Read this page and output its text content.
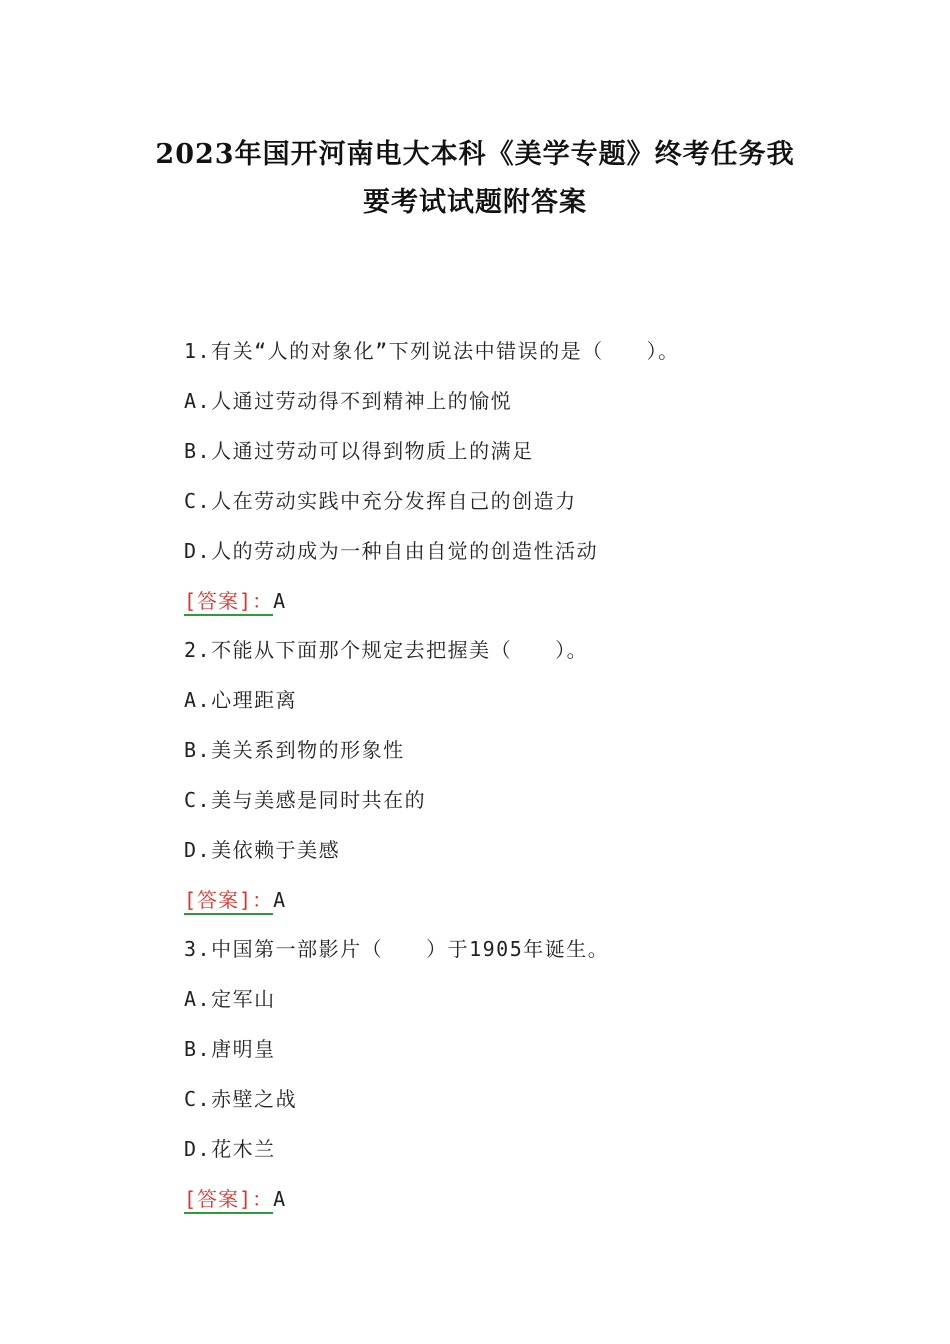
2023年国开河南电大本科《美学专题》终考任务我
要考试试题附答案
1.有关“人的对象化”下列说法中错误的是（　　）。
A.人通过劳动得不到精神上的愉悦
B.人通过劳动可以得到物质上的满足
C.人在劳动实践中充分发挥自己的创造力
D.人的劳动成为一种自由自觉的创造性活动
[答案]：A
2.不能从下面那个规定去把握美（　　）。
A.心理距离
B.美关系到物的形象性
C.美与美感是同时共在的
D.美依赖于美感
[答案]：A
3.中国第一部影片（　　）于1905年诞生。
A.定军山
B.唐明皇
C.赤壁之战
D.花木兰
[答案]：A
